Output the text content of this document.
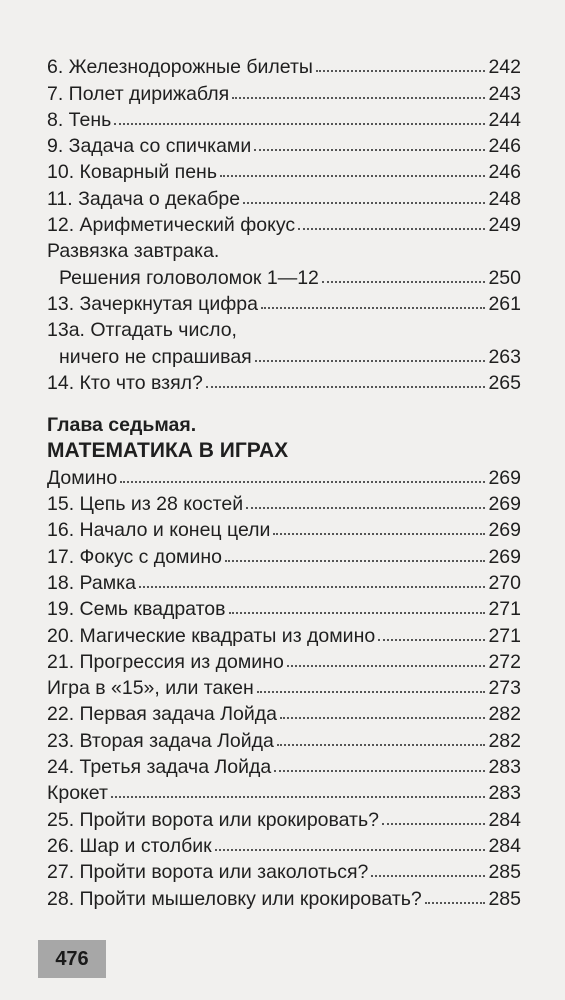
6. Железнодорожные билеты	242
7. Полет дирижабля	243
8. Тень	244
9. Задача со спичками	246
10. Коварный пень	246
11. Задача о декабре	248
12. Арифметический фокус	249
Развязка завтрака.
Решения головоломок 1—12	250
13. Зачеркнутая цифра	261
13а. Отгадать число,
ничего не спрашивая	263
14. Кто что взял?	265
Глава седьмая.
МАТЕМАТИКА В ИГРАХ
Домино	269
15. Цепь из 28 костей	269
16. Начало и конец цели	269
17. Фокус с домино	269
18. Рамка	270
19. Семь квадратов	271
20. Магические квадраты из домино	271
21. Прогрессия из домино	272
Игра в «15», или такен	273
22. Первая задача Лойда	282
23. Вторая задача Лойда	282
24. Третья задача Лойда	283
Крокет	283
25. Пройти ворота или крокировать?	284
26. Шар и столбик	284
27. Пройти ворота или заколоться?	285
28. Пройти мышеловку или крокировать?	285
476
